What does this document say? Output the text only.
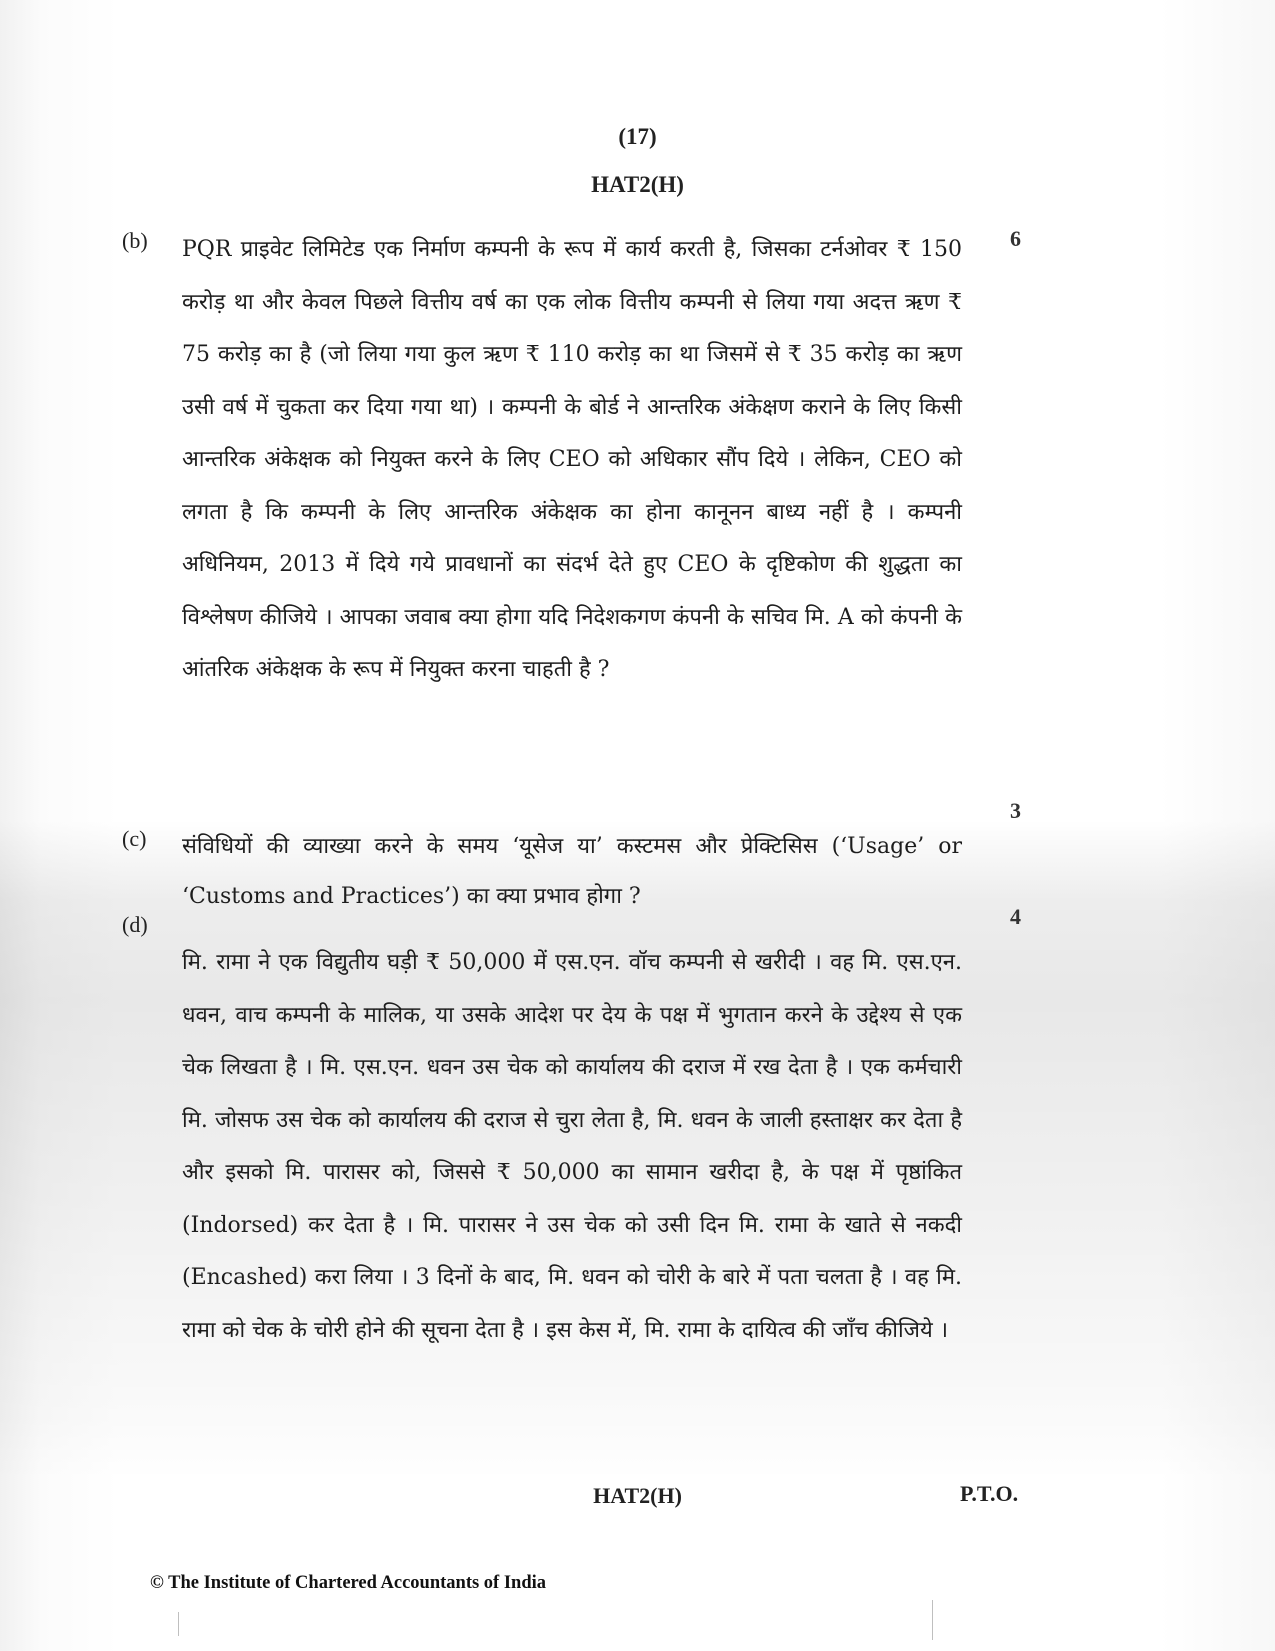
(17)
HAT2(H)
(b) PQR प्राइवेट लिमिटेड एक निर्माण कम्पनी के रूप में कार्य करती है, जिसका टर्नओवर ₹ 150 करोड़ था और केवल पिछले वित्तीय वर्ष का एक लोक वित्तीय कम्पनी से लिया गया अदत्त ऋण ₹ 75 करोड़ का है (जो लिया गया कुल ऋण ₹ 110 करोड़ का था जिसमें से ₹ 35 करोड़ का ऋण उसी वर्ष में चुकता कर दिया गया था) । कम्पनी के बोर्ड ने आन्तरिक अंकेक्षण कराने के लिए किसी आन्तरिक अंकेक्षक को नियुक्त करने के लिए CEO को अधिकार सौंप दिये । लेकिन, CEO को लगता है कि कम्पनी के लिए आन्तरिक अंकेक्षक का होना कानूनन बाध्य नहीं है । कम्पनी अधिनियम, 2013 में दिये गये प्रावधानों का संदर्भ देते हुए CEO के दृष्टिकोण की शुद्धता का विश्लेषण कीजिये । आपका जवाब क्या होगा यदि निदेशकगण कंपनी के सचिव मि. A को कंपनी के आंतरिक अंकेक्षक के रूप में नियुक्त करना चाहती है ?

6
(c) संविधियों की व्याख्या करने के समय ‘यूसेज या’ कस्टमस और प्रेक्टिसिस (‘Usage’ or ‘Customs and Practices’) का क्या प्रभाव होगा ?

3
(d)

मि. रामा ने एक विद्युतीय घड़ी ₹ 50,000 में एस.एन. वॉच कम्पनी से खरीदी । वह मि. एस.एन. धवन, वाच कम्पनी के मालिक, या उसके आदेश पर देय के पक्ष में भुगतान करने के उद्देश्य से एक चेक लिखता है । मि. एस.एन. धवन उस चेक को कार्यालय की दराज में रख देता है । एक कर्मचारी मि. जोसफ उस चेक को कार्यालय की दराज से चुरा लेता है, मि. धवन के जाली हस्ताक्षर कर देता है और इसको मि. पारासर को, जिससे ₹ 50,000 का सामान खरीदा है, के पक्ष में पृष्ठांकित (Indorsed) कर देता है । मि. पारासर ने उस चेक को उसी दिन मि. रामा के खाते से नकदी (Encashed) करा लिया । 3 दिनों के बाद, मि. धवन को चोरी के बारे में पता चलता है । वह मि. रामा को चेक के चोरी होने की सूचना देता है । इस केस में, मि. रामा के दायित्व की जाँच कीजिये ।

4
HAT2(H)	P.T.O.
© The Institute of Chartered Accountants of India
